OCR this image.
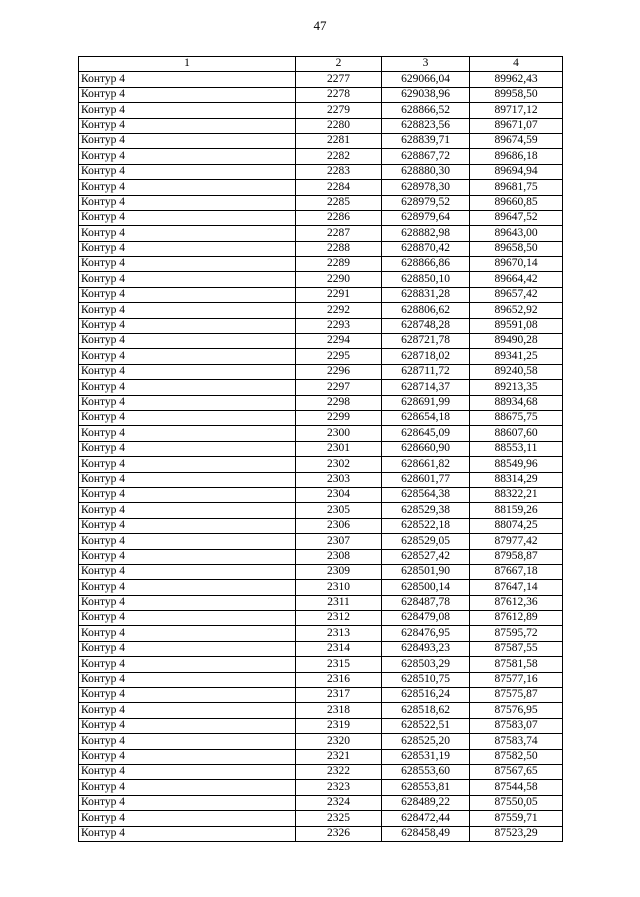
47
1	2	3	4
Контур 4	2277	629066,04	89962,43
Контур 4	2278	629038,96	89958,50
Контур 4	2279	628866,52	89717,12
Контур 4	2280	628823,56	89671,07
Контур 4	2281	628839,71	89674,59
Контур 4	2282	628867,72	89686,18
Контур 4	2283	628880,30	89694,94
Контур 4	2284	628978,30	89681,75
Контур 4	2285	628979,52	89660,85
Контур 4	2286	628979,64	89647,52
Контур 4	2287	628882,98	89643,00
Контур 4	2288	628870,42	89658,50
Контур 4	2289	628866,86	89670,14
Контур 4	2290	628850,10	89664,42
Контур 4	2291	628831,28	89657,42
Контур 4	2292	628806,62	89652,92
Контур 4	2293	628748,28	89591,08
Контур 4	2294	628721,78	89490,28
Контур 4	2295	628718,02	89341,25
Контур 4	2296	628711,72	89240,58
Контур 4	2297	628714,37	89213,35
Контур 4	2298	628691,99	88934,68
Контур 4	2299	628654,18	88675,75
Контур 4	2300	628645,09	88607,60
Контур 4	2301	628660,90	88553,11
Контур 4	2302	628661,82	88549,96
Контур 4	2303	628601,77	88314,29
Контур 4	2304	628564,38	88322,21
Контур 4	2305	628529,38	88159,26
Контур 4	2306	628522,18	88074,25
Контур 4	2307	628529,05	87977,42
Контур 4	2308	628527,42	87958,87
Контур 4	2309	628501,90	87667,18
Контур 4	2310	628500,14	87647,14
Контур 4	2311	628487,78	87612,36
Контур 4	2312	628479,08	87612,89
Контур 4	2313	628476,95	87595,72
Контур 4	2314	628493,23	87587,55
Контур 4	2315	628503,29	87581,58
Контур 4	2316	628510,75	87577,16
Контур 4	2317	628516,24	87575,87
Контур 4	2318	628518,62	87576,95
Контур 4	2319	628522,51	87583,07
Контур 4	2320	628525,20	87583,74
Контур 4	2321	628531,19	87582,50
Контур 4	2322	628553,60	87567,65
Контур 4	2323	628553,81	87544,58
Контур 4	2324	628489,22	87550,05
Контур 4	2325	628472,44	87559,71
Контур 4	2326	628458,49	87523,29
